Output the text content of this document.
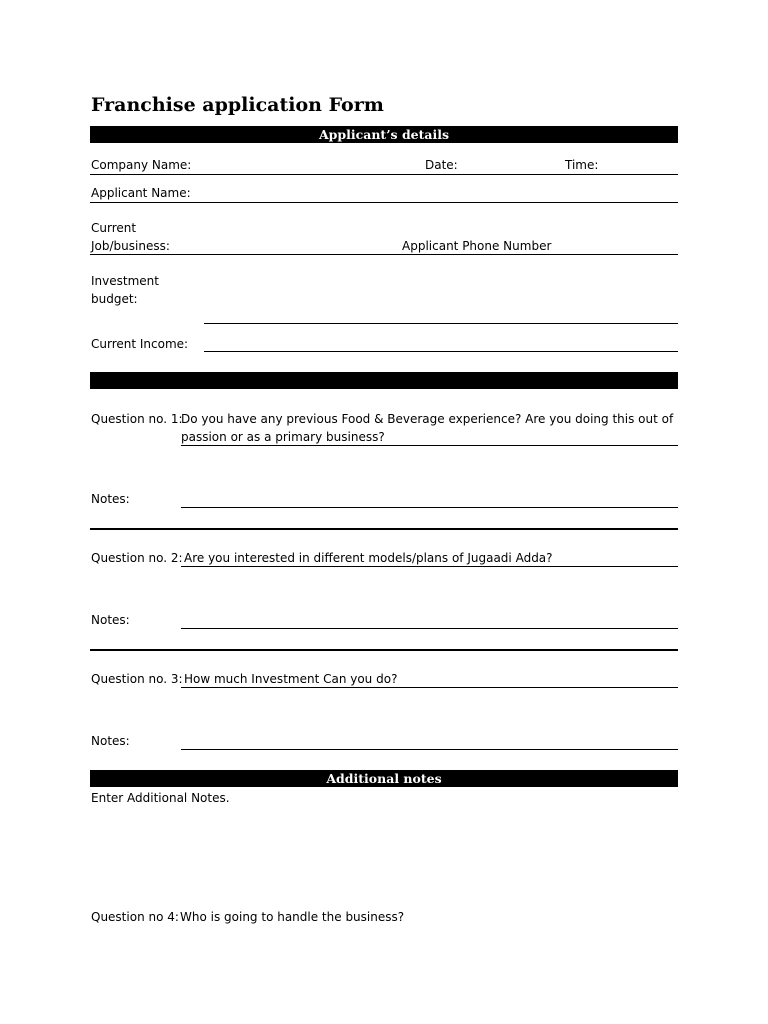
Franchise application Form
Applicant’s details
Company Name:	Date:	Time:
Applicant Name:
Current
Job/business:	Applicant Phone Number
Investment
budget:
Current Income:
Question no. 1:
Do you have any previous Food & Beverage experience? Are you doing this out of
passion or as a primary business?
Notes:
Question no. 2: Are you interested in different models/plans of Jugaadi Adda?
Notes:
Question no. 3: How much Investment Can you do?
Notes:
Additional notes
Enter Additional Notes.
Question no 4: Who is going to handle the business?
